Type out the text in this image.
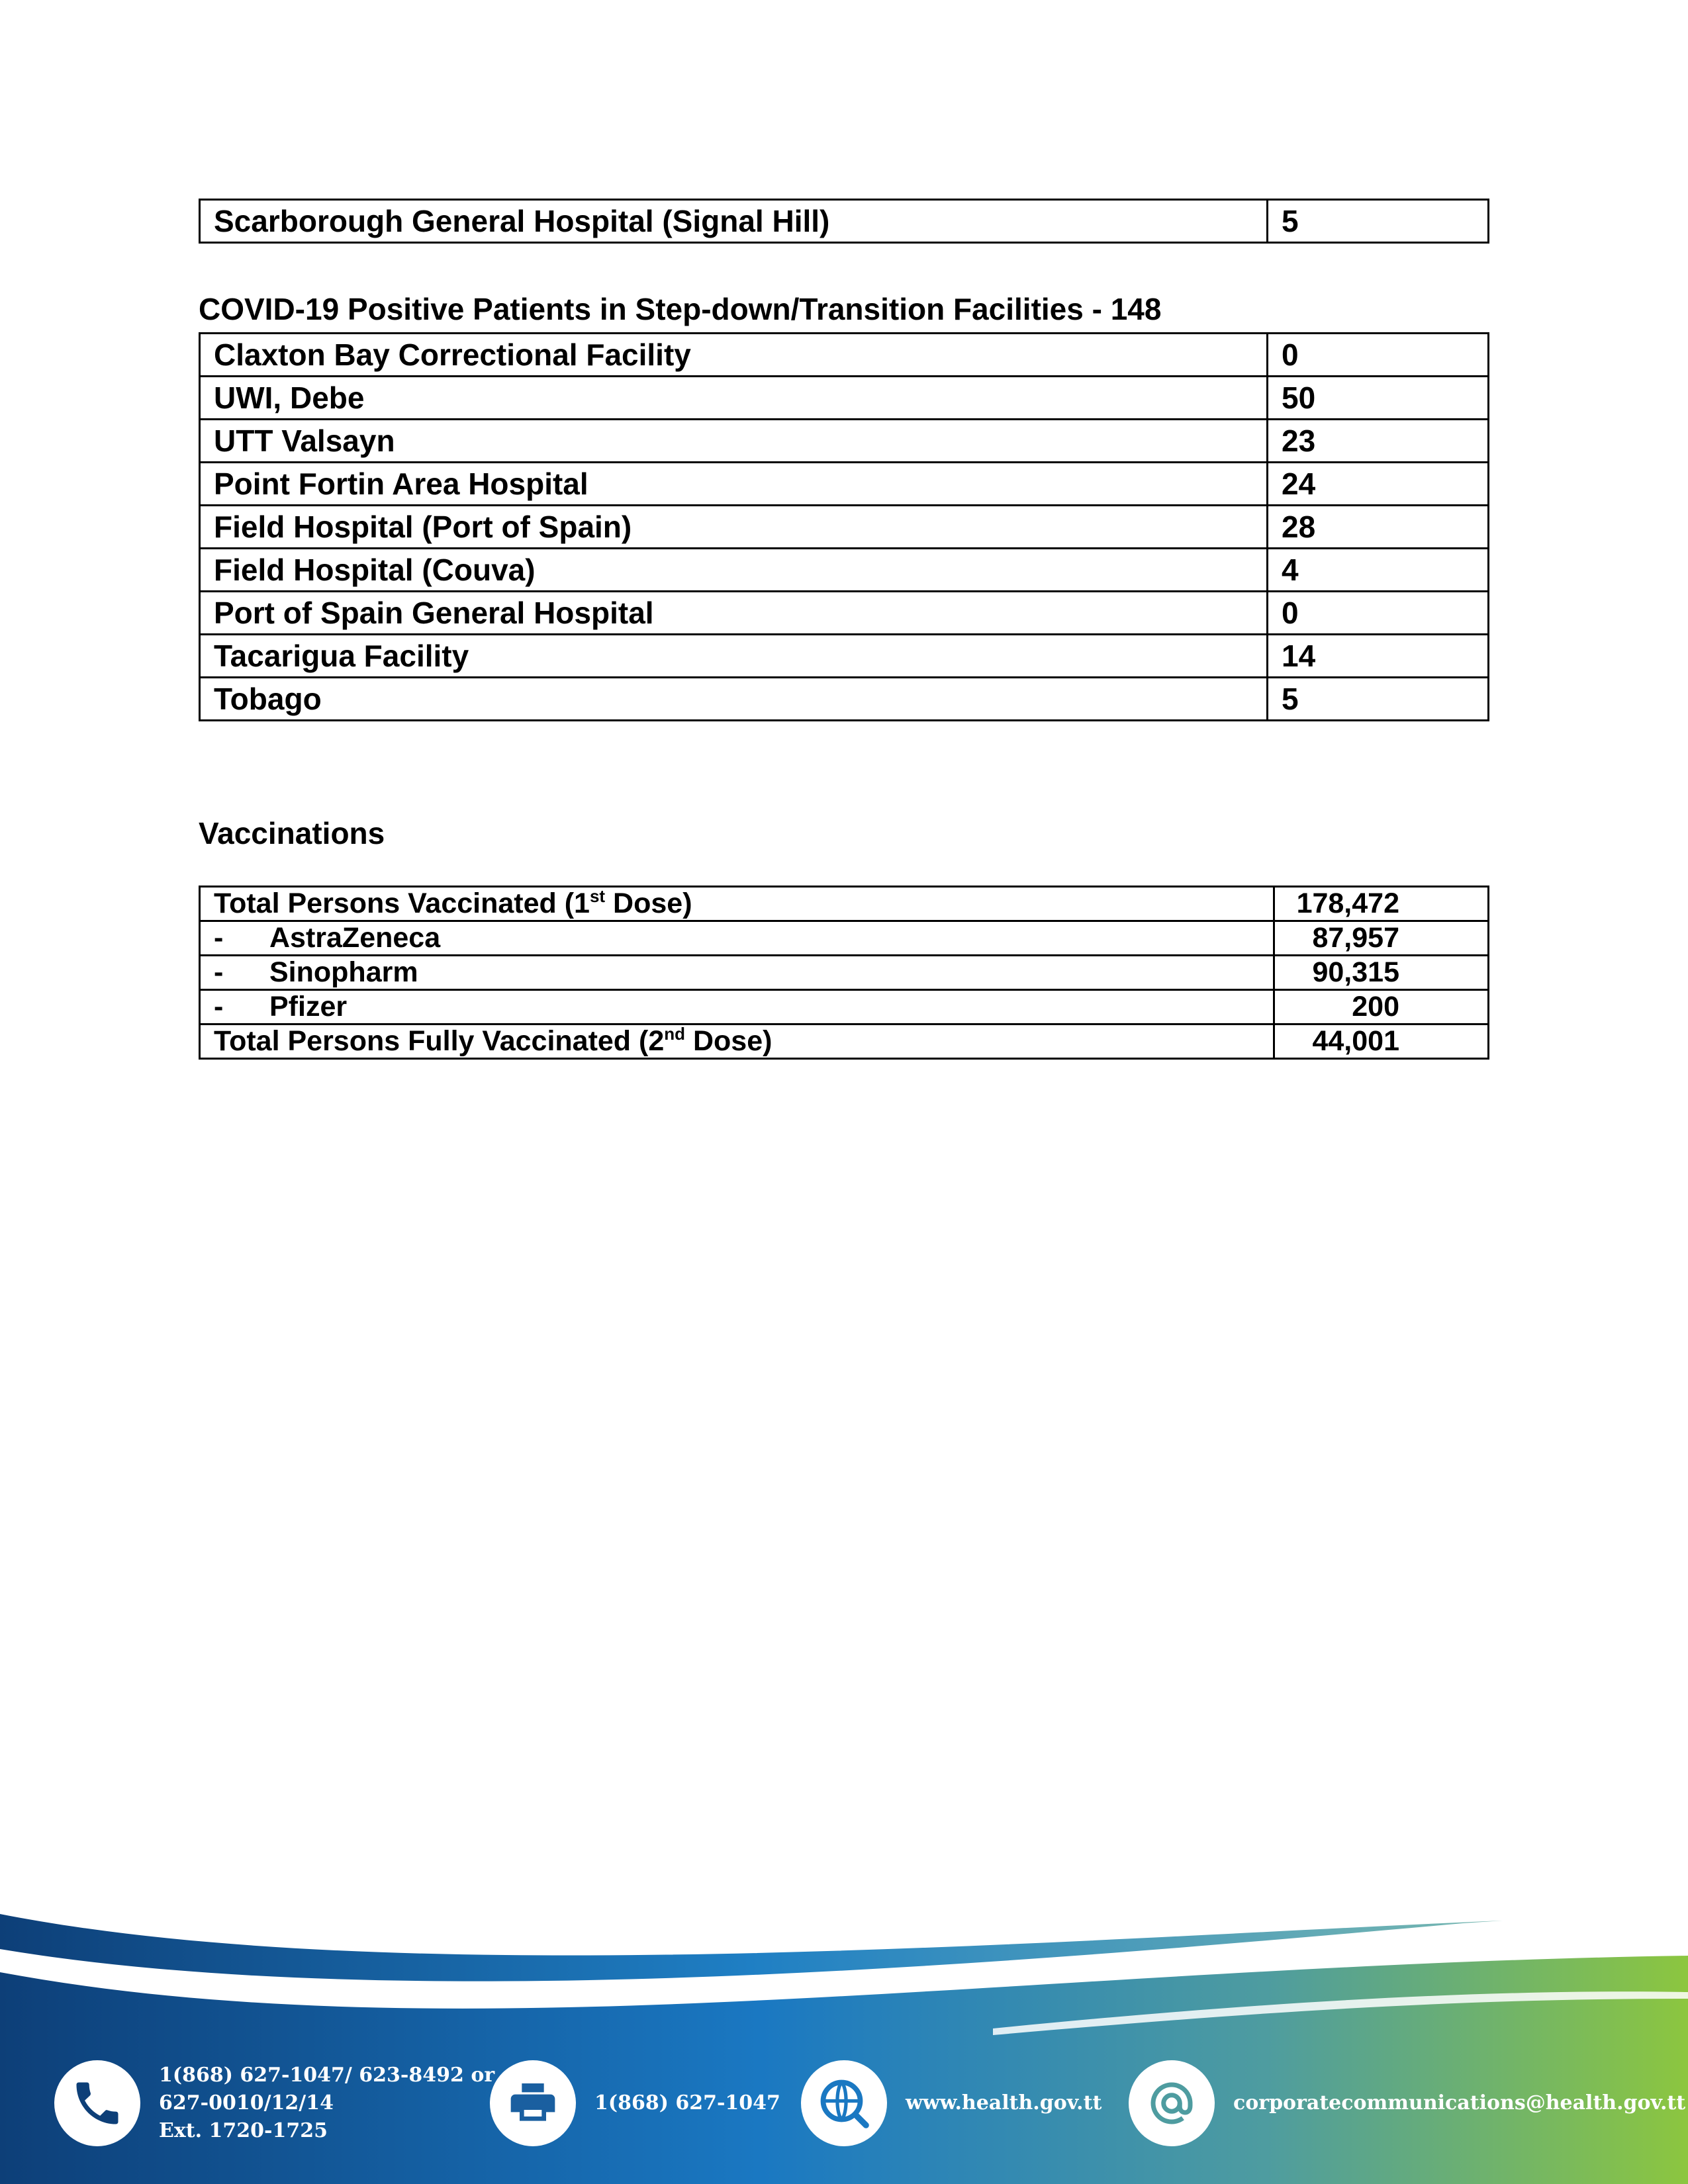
Scarborough General Hospital (Signal Hill)	5
COVID-19 Positive Patients in Step-down/Transition Facilities - 148
Claxton Bay Correctional Facility	0
UWI, Debe	50
UTT Valsayn	23
Point Fortin Area Hospital	24
Field Hospital (Port of Spain)	28
Field Hospital (Couva)	4
Port of Spain General Hospital	0
Tacarigua Facility	14
Tobago	5
Vaccinations
Total Persons Vaccinated (1st Dose)	178,472
- AstraZeneca	87,957
- Sinopharm	90,315
- Pfizer	200
Total Persons Fully Vaccinated (2nd Dose)	44,001
1(868) 627-1047/ 623-8492 or
627-0010/12/14
Ext. 1720-1725
1(868) 627-1047	www.health.gov.tt	corporatecommunications@health.gov.tt
